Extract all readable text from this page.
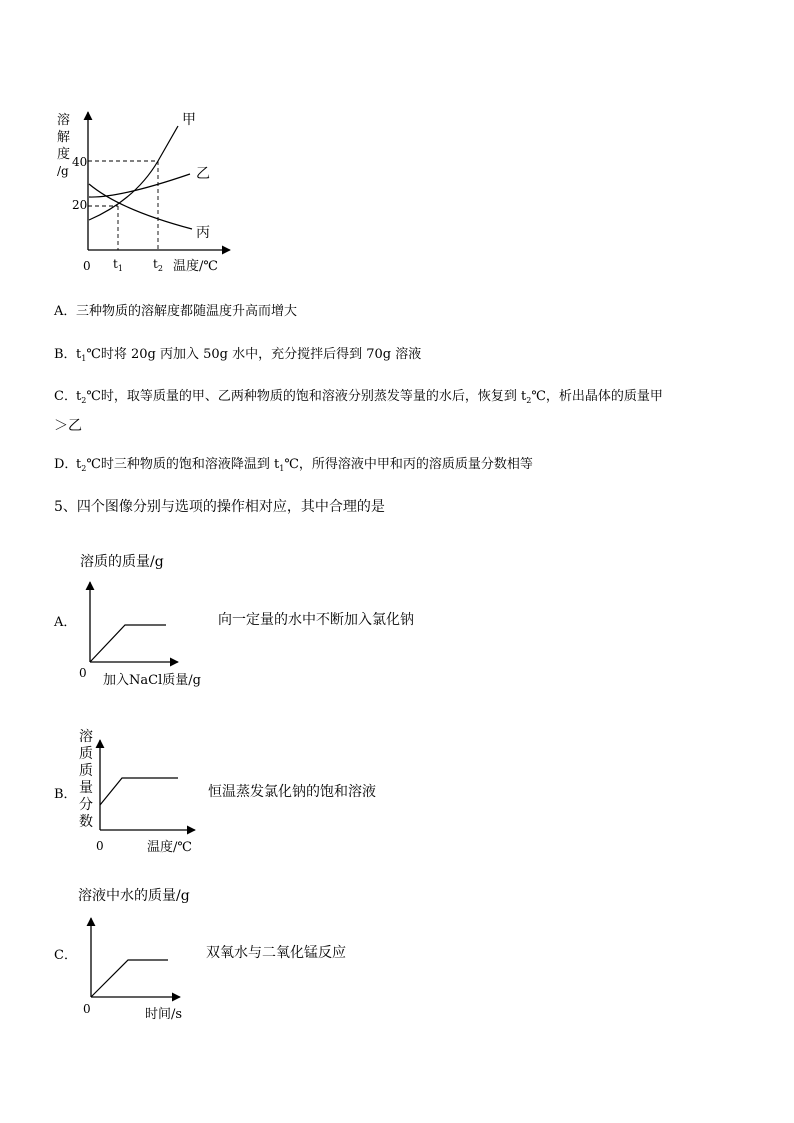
溶
解
度
/g
40
20
甲
乙
丙
0 $t_1$	$t_2$ 温度/℃
溶质的质量/g
0 加入NaCl质量/g
溶
质
质
量
分
数
0	温度/℃
溶液中水的质量/g
0	时间/s
A．三种物质的溶解度都随温度升高而增大
B．$t_1℃$时将 20g 丙加入 50g 水中，充分搅拌后得到 70g 溶液
C．$t_2℃$时，取等质量的甲、乙两种物质的饱和溶液分别蒸发等量的水后，恢复到 $t_2℃$，析出晶体的质量甲
＞乙
D．$t_2℃$时三种物质的饱和溶液降温到 $t_1℃$，所得溶液中甲和丙的溶质质量分数相等
5、四个图像分别与选项的操作相对应，其中合理的是
A．	向一定量的水中不断加入氯化钠
B．	恒温蒸发氯化钠的饱和溶液
C．	双氧水与二氧化锰反应
